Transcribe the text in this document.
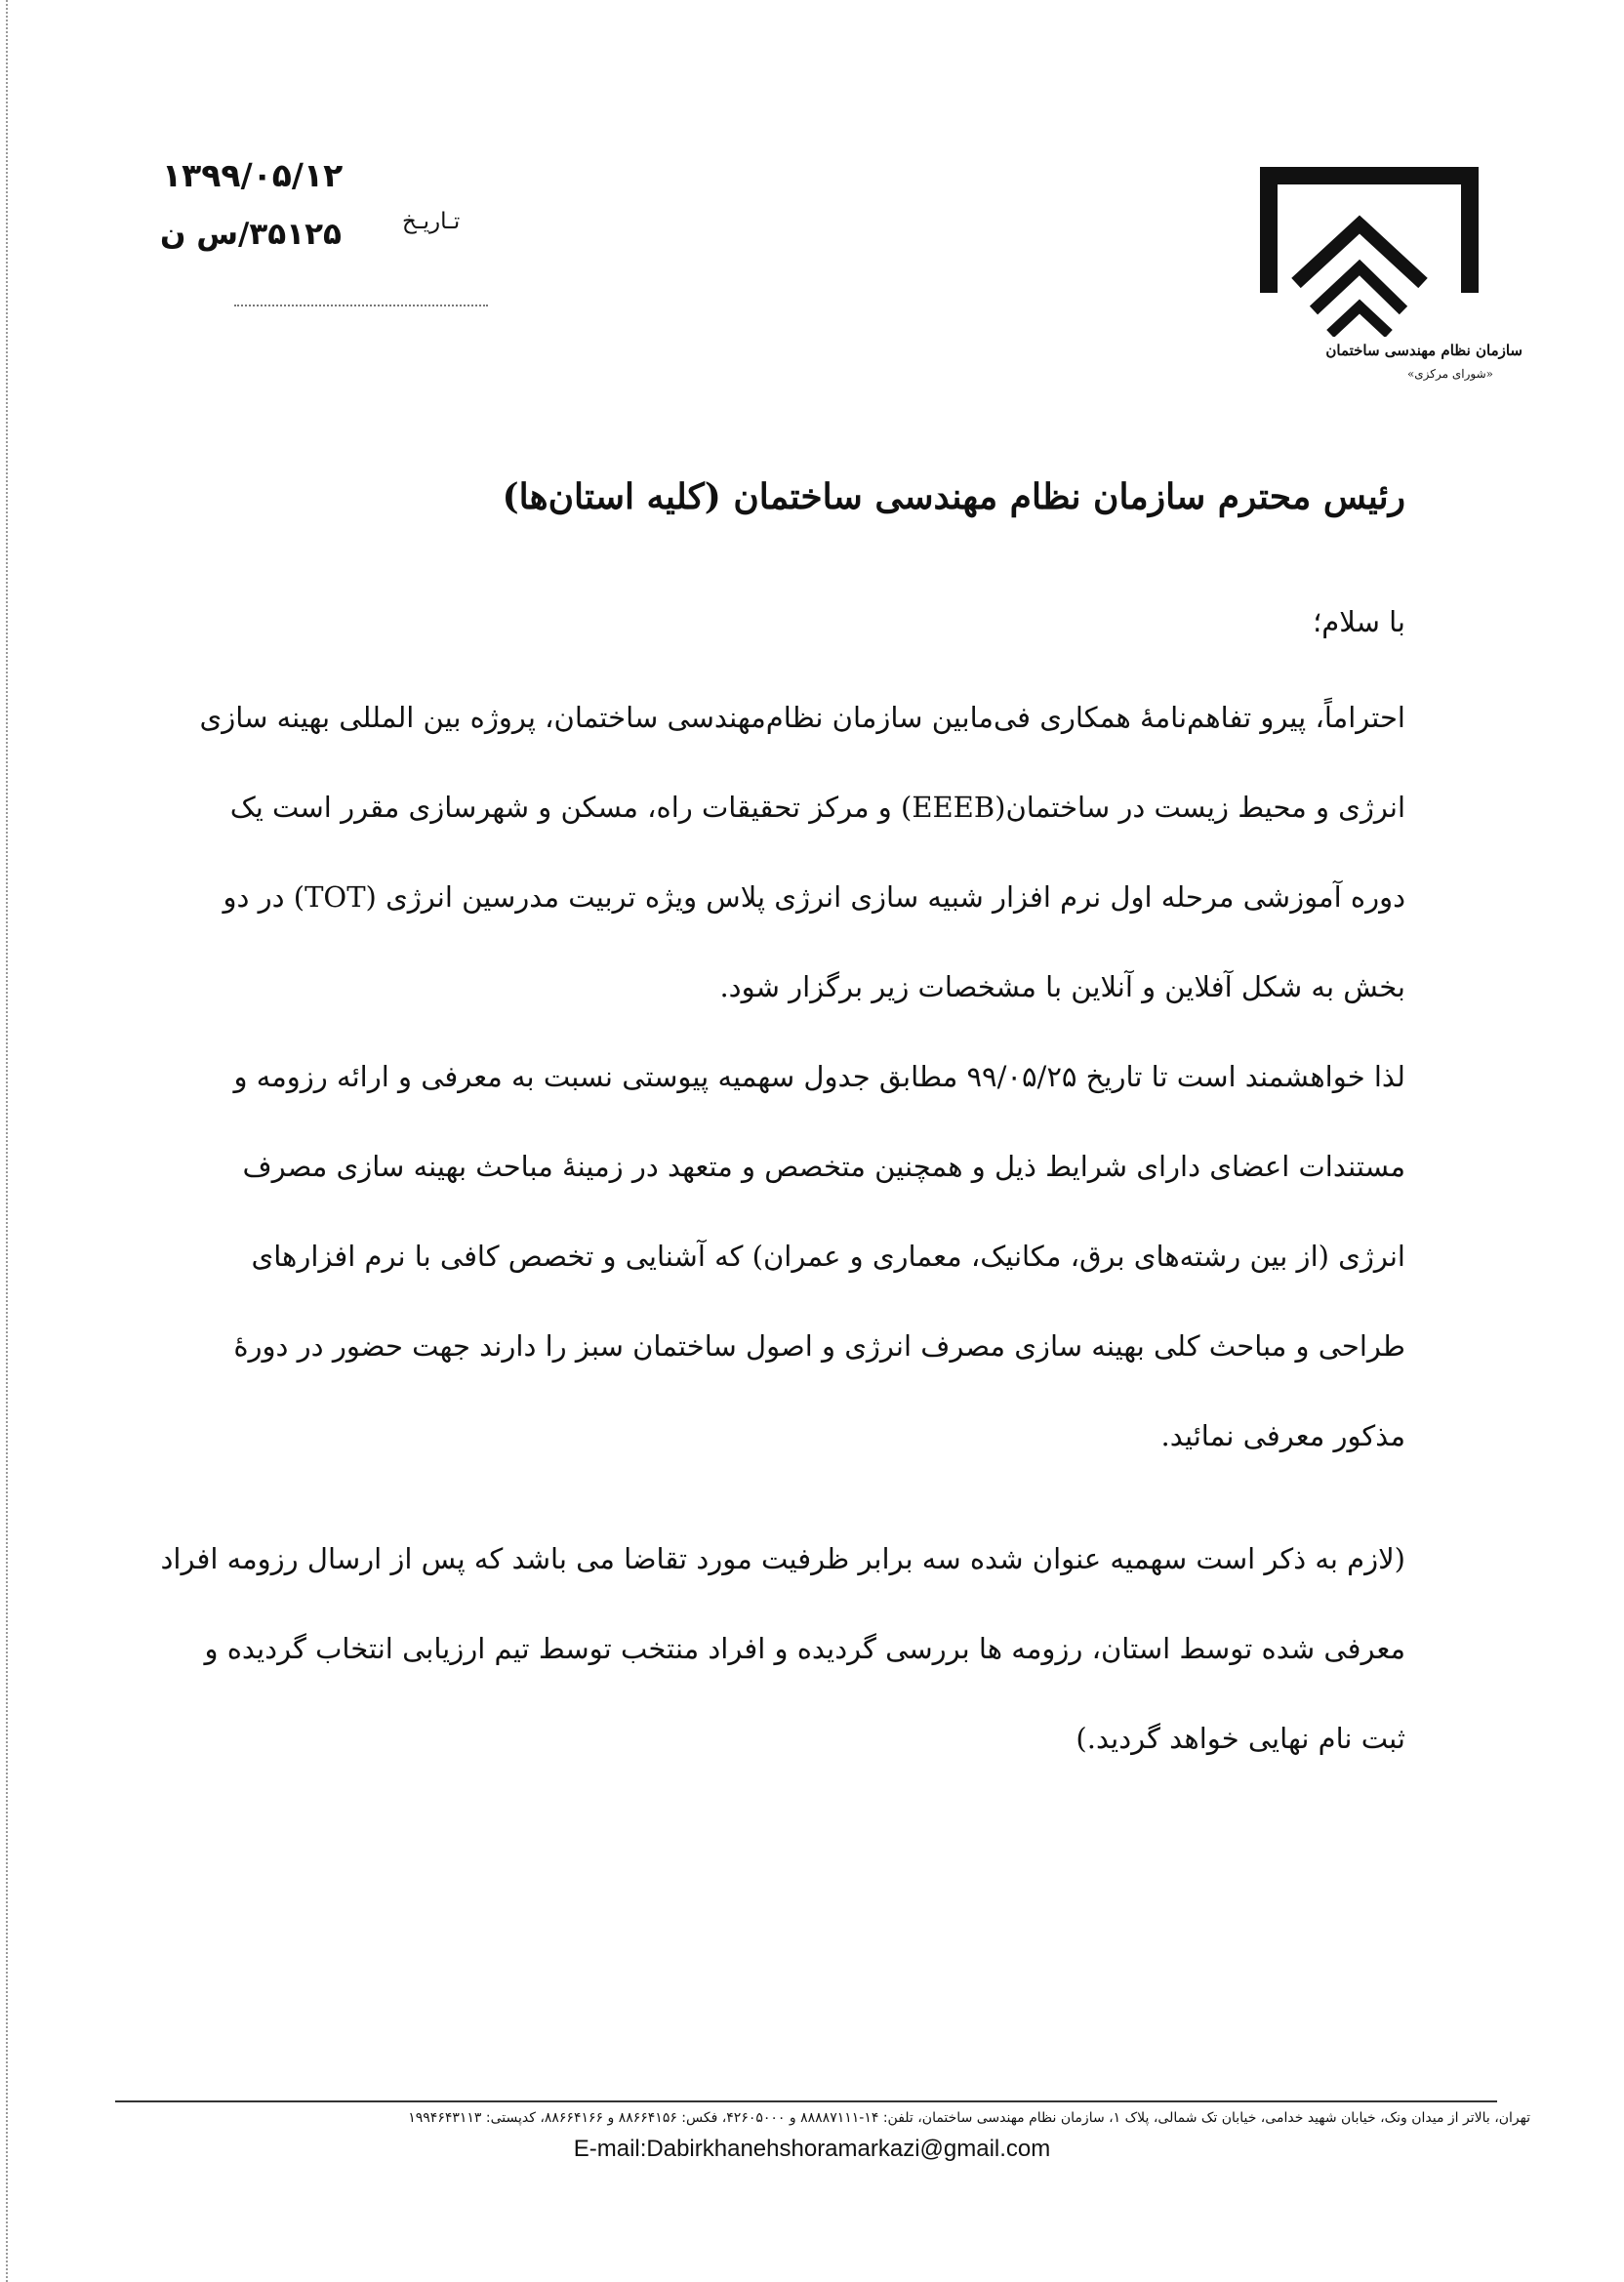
سازمان نظام مهندسی ساختمان
«شورای مرکزی»
۱۳۹۹/۰۵/۱۲
۳۵۱۲۵/س ن	تـاریـخ
رئیس محترم سازمان نظام مهندسی ساختمان (کلیه استان‌ها)
با سلام؛
احتراماً، پیرو تفاهم‌نامهٔ همکاری فی‌مابین سازمان نظام‌مهندسی ساختمان، پروژه بین المللی بهینه سازی
انرژی و محیط زیست در ساختمان(EEEB) و مرکز تحقیقات راه، مسکن و شهرسازی مقرر است یک
دوره آموزشی مرحله اول نرم افزار شبیه سازی انرژی پلاس ویژه تربیت مدرسین انرژی (TOT) در دو
بخش به شکل آفلاین و آنلاین با مشخصات زیر برگزار شود.
لذا خواهشمند است تا تاریخ ۹۹/۰۵/۲۵ مطابق جدول سهمیه پیوستی نسبت به معرفی و ارائه رزومه و
مستندات اعضای دارای شرایط ذیل و همچنین متخصص و متعهد در زمینهٔ مباحث بهینه سازی مصرف
انرژی (از بین رشته‌های برق، مکانیک، معماری و عمران) که آشنایی و تخصص کافی با نرم افزارهای
طراحی و مباحث کلی بهینه سازی مصرف انرژی و اصول ساختمان سبز را دارند جهت حضور در دورهٔ
مذکور معرفی نمائید.
(لازم به ذکر است سهمیه عنوان شده سه برابر ظرفیت مورد تقاضا می باشد که پس از ارسال رزومه افراد
معرفی شده توسط استان، رزومه ها بررسی گردیده و افراد منتخب توسط تیم ارزیابی انتخاب گردیده و
ثبت نام نهایی خواهد گردید.)
تهران، بالاتر از میدان ونک، خیابان شهید خدامی، خیابان تک شمالی، پلاک ۱، سازمان نظام مهندسی ساختمان، تلفن: ۱۴-۸۸۸۸۷۱۱۱ و ۴۲۶۰۵۰۰۰، فکس: ۸۸۶۶۴۱۵۶ و ۸۸۶۶۴۱۶۶، کدپستی: ۱۹۹۴۶۴۳۱۱۳
E-mail:Dabirkhanehshoramarkazi@gmail.com
